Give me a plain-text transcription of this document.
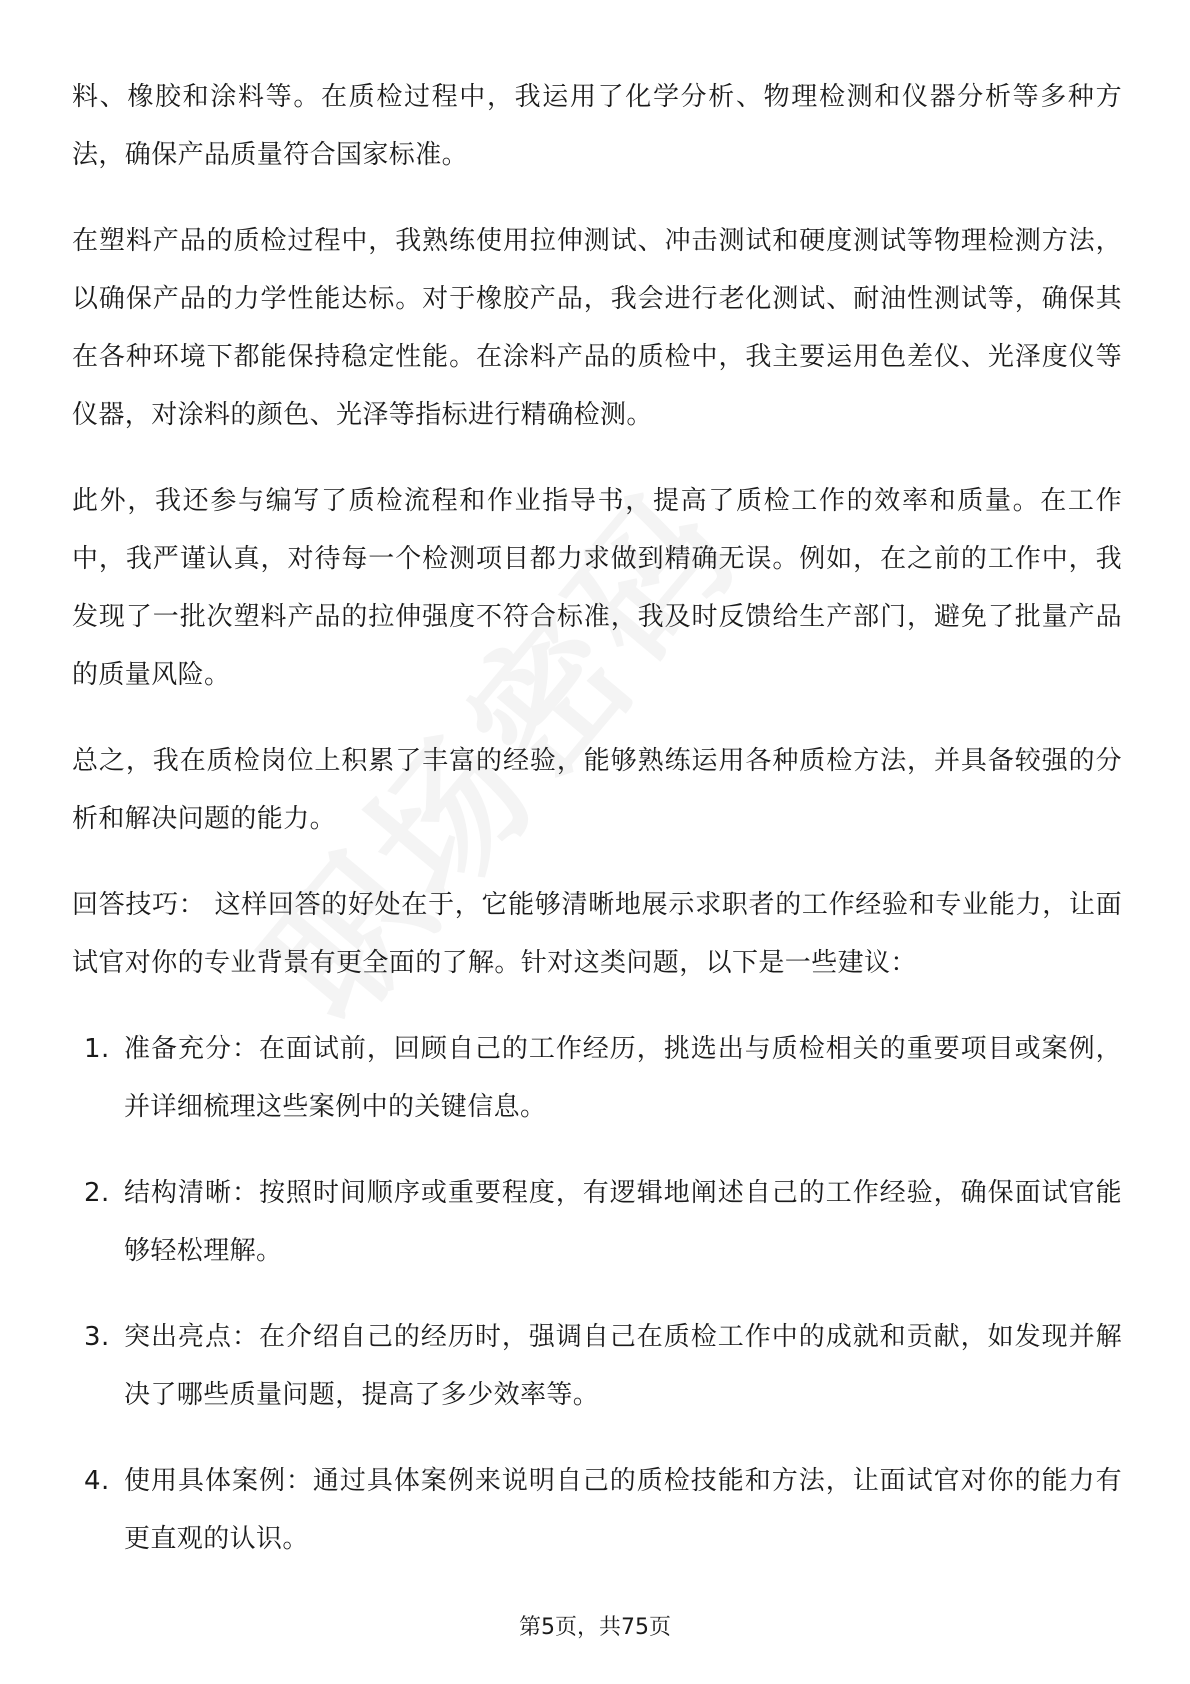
料、橡胶和涂料等。在质检过程中，我运用了化学分析、物理检测和仪器分析等多种方法，确保产品质量符合国家标准。

在塑料产品的质检过程中，我熟练使用拉伸测试、冲击测试和硬度测试等物理检测方法，以确保产品的力学性能达标。对于橡胶产品，我会进行老化测试、耐油性测试等，确保其在各种环境下都能保持稳定性能。在涂料产品的质检中，我主要运用色差仪、光泽度仪等仪器，对涂料的颜色、光泽等指标进行精确检测。

此外，我还参与编写了质检流程和作业指导书，提高了质检工作的效率和质量。在工作中，我严谨认真，对待每一个检测项目都力求做到精确无误。例如，在之前的工作中，我发现了一批次塑料产品的拉伸强度不符合标准，我及时反馈给生产部门，避免了批量产品的质量风险。

总之，我在质检岗位上积累了丰富的经验，能够熟练运用各种质检方法，并具备较强的分析和解决问题的能力。

回答技巧： 这样回答的好处在于，它能够清晰地展示求职者的工作经验和专业能力，让面试官对你的专业背景有更全面的了解。针对这类问题，以下是一些建议：

1. 准备充分：在面试前，回顾自己的工作经历，挑选出与质检相关的重要项目或案例，并详细梳理这些案例中的关键信息。
2. 结构清晰：按照时间顺序或重要程度，有逻辑地阐述自己的工作经验，确保面试官能够轻松理解。
3. 突出亮点：在介绍自己的经历时，强调自己在质检工作中的成就和贡献，如发现并解决了哪些质量问题，提高了多少效率等。
4. 使用具体案例：通过具体案例来说明自己的质检技能和方法，让面试官对你的能力有更直观的认识。
第5页，共75页
